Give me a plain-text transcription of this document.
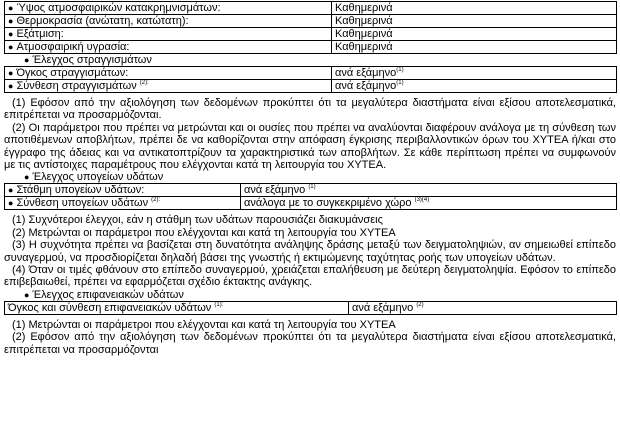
● Ύψος ατμοσφαιρικών κατακρημνισμάτων:	Καθημερινά
● Θερμοκρασία (ανώτατη, κατώτατη):	Καθημερινά
● Εξάτμιση:	Καθημερινά
● Ατμοσφαιρική υγρασία:	Καθημερινά
● Έλεγχος στραγγισμάτων
● Όγκος στραγγισμάτων:	ανά εξάμηνο$^{(1)}$
● Σύνθεση στραγγισμάτων $^{(2):}$	ανά εξάμηνο$^{(1)}$

(1) Εφόσον από την αξιολόγηση των δεδομένων προκύπτει ότι τα μεγαλύτερα διαστήματα είναι εξίσου αποτελεσματικά, επιτρέπεται να προσαρμόζονται.

(2) Οι παράμετροι που πρέπει να μετρώνται και οι ουσίες που πρέπει να αναλύονται διαφέρουν ανάλογα με τη σύνθεση των αποτιθέμενων αποβλήτων, πρέπει δε να καθορίζονται στην απόφαση έγκρισης περιβαλλοντικών όρων του ΧΥΤΕΑ ή/και στο έγγραφο της άδειας και να αντικατοπτρίζουν τα χαρακτηριστικά των αποβλήτων. Σε κάθε περίπτωση πρέπει να συμφωνούν με τις αντίστοιχες παραμέτρους που ελέγχονται κατά τη λειτουργία του ΧΥΤΕΑ.

● Έλεγχος υπογείων υδάτων
● Στάθμη υπογείων υδάτων:	ανά εξάμηνο $^{(1)}$
● Σύνθεση υπογείων υδάτων $^{(2):}$	ανάλογα με το συγκεκριμένο χώρο $^{(3)(4)}$

(1) Συχνότεροι έλεγχοι, εάν η στάθμη των υδάτων παρουσιάζει διακυμάνσεις

(2) Μετρώνται οι παράμετροι που ελέγχονται και κατά τη λειτουργία του ΧΥΤΕΑ

(3) Η συχνότητα πρέπει να βασίζεται στη δυνατότητα ανάληψης δράσης μεταξύ των δειγματοληψιών, αν σημειωθεί επίπεδο συναγερμού, να προσδιορίζεται δηλαδή βάσει της γνωστής ή εκτιμώμενης ταχύτητας ροής των υπογείων υδάτων.

(4) Όταν οι τιμές φθάνουν στο επίπεδο συναγερμού, χρειάζεται επαλήθευση με δεύτερη δειγματοληψία. Εφόσον το επίπεδο επιβεβαιωθεί, πρέπει να εφαρμόζεται σχέδιο έκτακτης ανάγκης.

● Έλεγχος επιφανειακών υδάτων
Όγκος και σύνθεση επιφανειακών υδάτων $^{(1):}$	ανά εξάμηνο $^{(2)}$

(1) Μετρώνται οι παράμετροι που ελέγχονται και κατά τη λειτουργία του ΧΥΤΕΑ

(2) Εφόσον από την αξιολόγηση των δεδομένων προκύπτει ότι τα μεγαλύτερα διαστήματα είναι εξίσου αποτελεσματικά, επιτρέπεται να προσαρμόζονται
